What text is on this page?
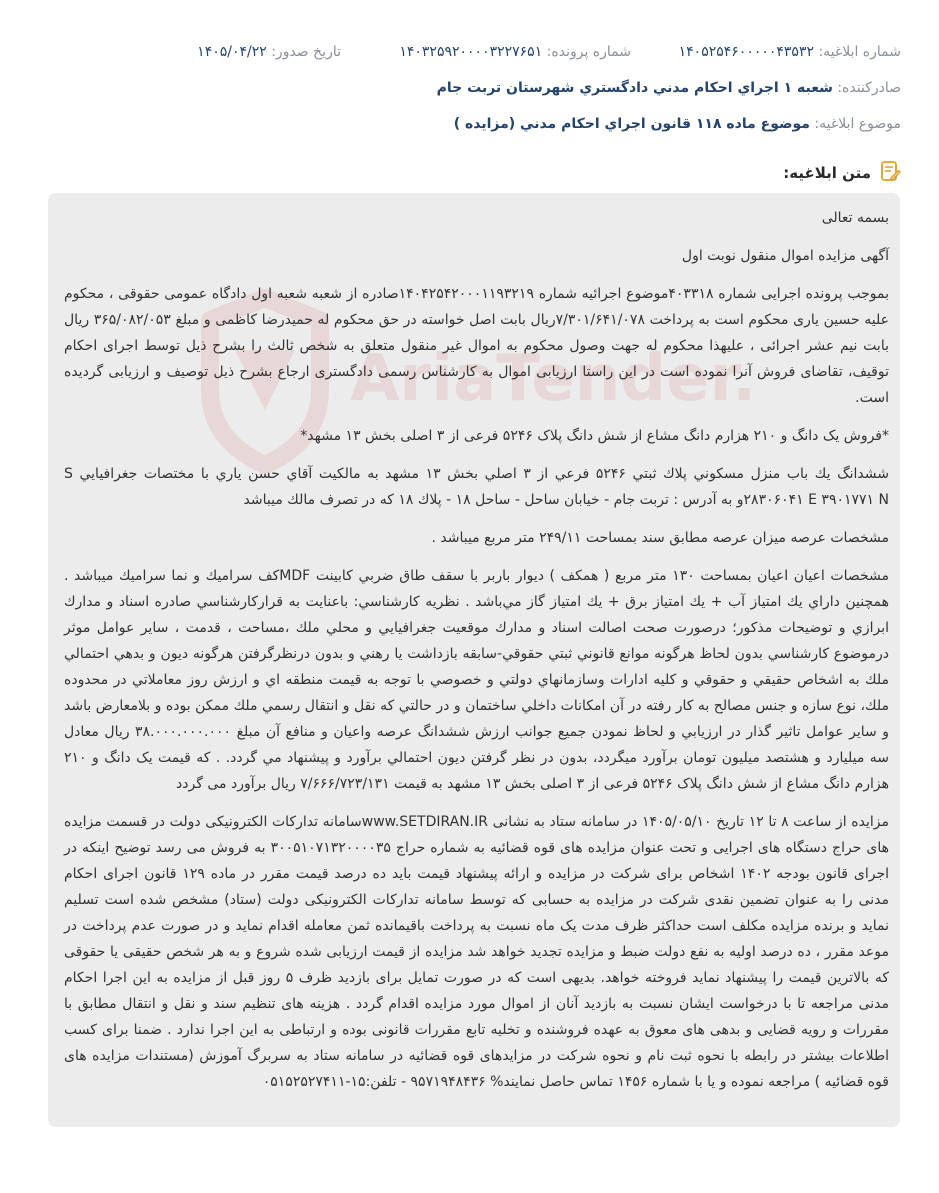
شماره ابلاغیه: ۱۴۰۵۲۵۴۶۰۰۰۰۰۴۳۵۳۲
شماره پرونده: ۱۴۰۳۲۵۹۲۰۰۰۰۳۲۲۷۶۵۱
تاریخ صدور: ۱۴۰۵/۰۴/۲۲
صادرکننده: شعبه ۱ اجراي احكام مدني دادگستري شهرستان تربت جام
موضوع ابلاغیه: موضوع ماده ۱۱۸ قانون اجراي احكام مدني (مزايده )
متن ابلاغیه:
AriaTender

بسمه تعالی

آگهی مزایده اموال منقول نوبت اول

بموجب پرونده اجرایی شماره ۴۰۳۳۱۸موضوع اجرائیه شماره ۱۴۰۴۲۵۴۲۰۰۰۱۱۹۳۲۱۹صادره از شعبه شعبه اول دادگاه عمومی حقوقی ، محکوم علیه حسین یاری محکوم است به پرداخت ۷/۳۰۱/۶۴۱/۰۷۸ریال بابت اصل خواسته در حق محکوم له حمیدرضا کاظمی و مبلغ ۳۶۵/۰۸۲/۰۵۳ ریال بابت نیم عشر اجرائی ، علیهذا محکوم له جهت وصول محکوم به اموال غیر منقول متعلق به شخص ثالث را بشرح ذیل توسط اجرای احکام توقیف، تقاضای فروش آنرا نموده است در این راستا ارزیابی اموال به کارشناس رسمی دادگستری ارجاع بشرح ذیل توصیف و ارزیابی گردیده است.

*فروش یک دانگ و ۲۱۰ هزارم دانگ مشاع از شش دانگ پلاک ۵۲۴۶ فرعی از ۳ اصلی بخش ۱۳ مشهد*

ششدانگ يك باب منزل مسكوني پلاك ثبتي ۵۲۴۶ فرعي از ۳ اصلي بخش ۱۳ مشهد به مالكيت آقاي حسن ياري با مختصات جغرافيايي S ۲۸۳۰۶۰۴۱ E ۳۹۰۱۷۷۱ Nو به آدرس : تربت جام - خيابان ساحل - ساحل ۱۸ - پلاك ۱۸ كه در تصرف مالك ميباشد

مشخصات عرصه ميزان عرصه مطابق سند بمساحت ۲۴۹/۱۱ متر مربع ميباشد .

مشخصات اعيان اعيان بمساحت ۱۳۰ متر مربع ( همكف ) ديوار باربر با سقف طاق ضربي كابينت MDFكف سراميك و نما سراميك ميباشد . همچنين داراي يك امتياز آب + يك امتياز برق + يك امتياز گاز مي‌باشد . نظريه كارشناسي: باعنايت به قراركارشناسي صادره اسناد و مدارك ابرازي و توضيحات مذكور؛ درصورت صحت اصالت اسناد و مدارك موقعيت جغرافيايي و محلي ملك ،مساحت ، قدمت ، ساير عوامل موثر درموضوع كارشناسي بدون لحاظ هرگونه موانع قانوني ثبتي حقوقي-سابقه بازداشت يا رهني و بدون درنظرگرفتن هرگونه ديون و بدهي احتمالي ملك به اشخاص حقيقي و حقوقي و كليه ادارات وسازمانهاي دولتي و خصوصي با توجه به قيمت منطقه اي و ارزش روز معاملاتي در محدوده ملك، نوع سازه و جنس مصالح به كار رفته در آن امكانات داخلي ساختمان و در حالتي كه نقل و انتقال رسمي ملك ممكن بوده و بلامعارض باشد و ساير عوامل تاثير گذار در ارزيابي و لحاظ نمودن جميع جوانب ارزش ششدانگ عرصه واعيان و منافع آن مبلغ ۳۸.۰۰۰.۰۰۰.۰۰۰ ريال معادل سه ميليارد و هشتصد ميليون تومان برآورد ميگردد، بدون در نظر گرفتن ديون احتمالي برآورد و پيشنهاد مي گردد. . كه قيمت یک دانگ و ۲۱۰ هزارم دانگ مشاع از شش دانگ پلاک ۵۲۴۶ فرعی از ۳ اصلی بخش ۱۳ مشهد به قیمت ۷/۶۶۶/۷۲۳/۱۳۱ ریال برآورد می گردد

مزایده از ساعت ۸ تا ۱۲ تاریخ ۱۴۰۵/۰۵/۱۰ در سامانه ستاد به نشانی www.SETDIRAN.IRسامانه تدارکات الکترونیکی دولت در قسمت مزایده های حراج دستگاه های اجرایی و تحت عنوان مزایده های قوه قضائیه به شماره حراج ۳۰۰۵۱۰۷۱۳۲۰۰۰۰۳۵ به فروش می رسد توضیح اینکه در اجرای قانون بودجه ۱۴۰۲ اشخاص برای شرکت در مزایده و ارائه پیشنهاد قیمت باید ده درصد قیمت مقرر در ماده ۱۲۹ قانون اجرای احکام مدنی را به عنوان تضمین نقدی شرکت در مزایده به حسابی که توسط سامانه تدارکات الکترونیکی دولت (ستاد) مشخص شده است تسلیم نماید و برنده مزایده مکلف است حداکثر ظرف مدت یک ماه نسبت به پرداخت باقیمانده ثمن معامله اقدام نماید و در صورت عدم پرداخت در موعد مقرر ، ده درصد اولیه به نفع دولت ضبط و مزایده تجدید خواهد شد مزایده از قیمت ارزیابی شده شروع و به هر شخص حقیقی یا حقوقی که بالاترین قیمت را پیشنهاد نماید فروخته خواهد. بدیهی است که در صورت تمایل برای بازدید ظرف ۵ روز قبل از مزایده به این اجرا احکام مدنی مراجعه تا با درخواست ایشان نسبت به بازدید آنان از اموال مورد مزایده اقدام گردد . هزینه های تنظیم سند و نقل و انتقال مطابق با مقررات و رویه قضایی و بدهی های معوق به عهده فروشنده و تخلیه تابع مقررات قانونی بوده و ارتباطی به این اجرا ندارد . ضمنا برای کسب اطلاعات بیشتر در رابطه با نحوه ثبت نام و نحوه شرکت در مزایدهای قوه قضائیه در سامانه ستاد به سربرگ آموزش (مستندات مزایده های قوه قضائیه ) مراجعه نموده و یا با شماره ۱۴۵۶ تماس حاصل نمایند% ۹۵۷۱۹۴۸۴۳۶ - تلفن:۱۵-۰۵۱۵۲۵۲۷۴۱۱
